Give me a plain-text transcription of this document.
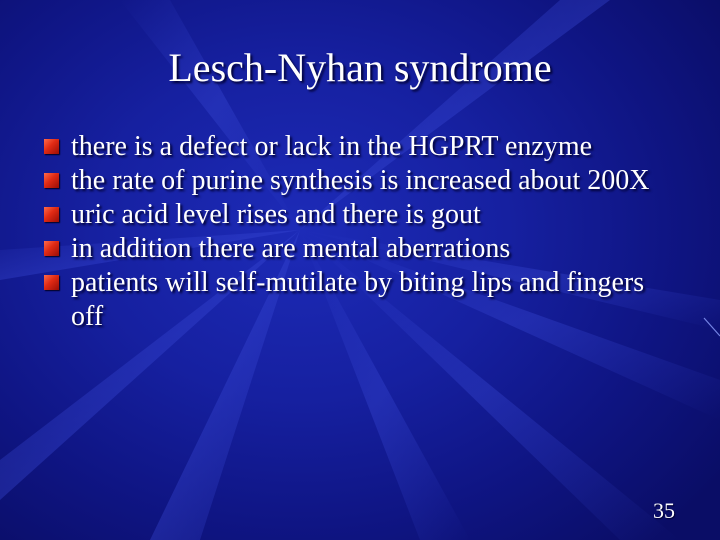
Lesch-Nyhan syndrome
there is a defect or lack in the HGPRT enzyme
the rate of purine synthesis is increased about 200X
uric acid level rises and there is gout
in addition there are mental aberrations
patients will self-mutilate by biting lips and fingers off
35
